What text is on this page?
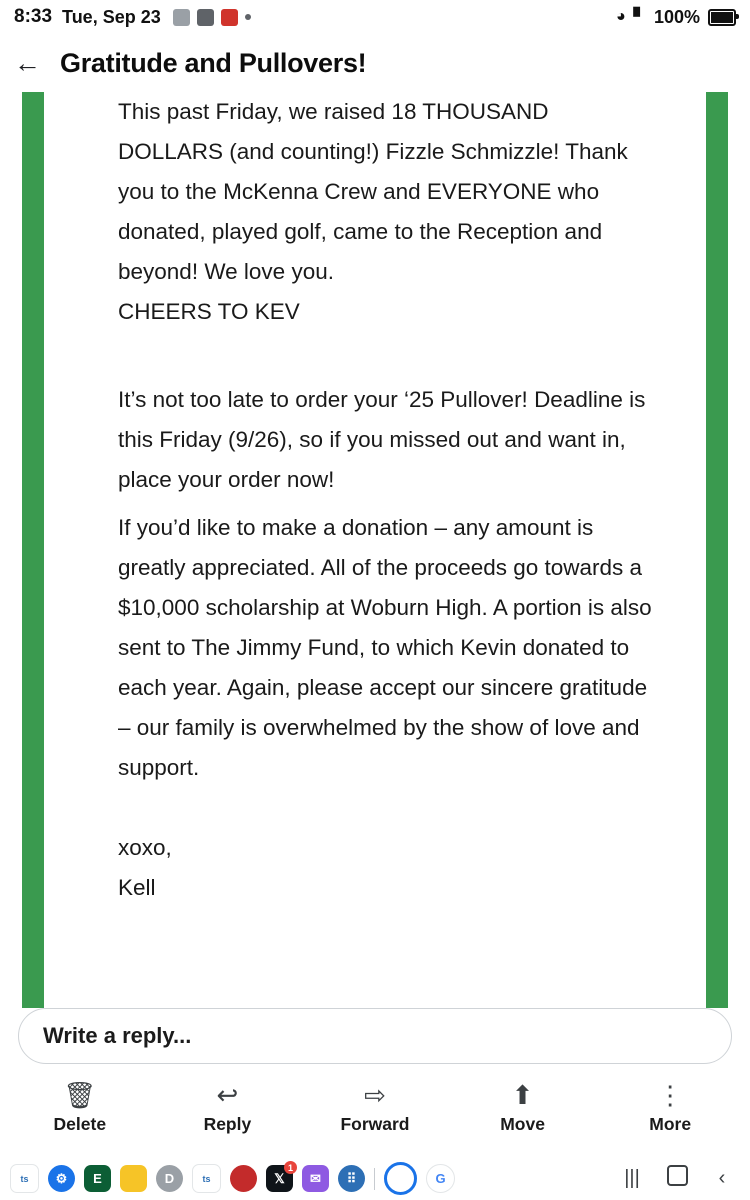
8:33 Tue, Sep 23	◕ ▘ 100%
← Gratitude and Pullovers!

This past Friday, we raised 18 THOUSAND DOLLARS (and counting!) Fizzle Schmizzle! Thank you to the McKenna Crew and EVERYONE who donated, played golf, came to the Reception and beyond! We love you.

CHEERS TO KEV

It’s not too late to order your ‘25 Pullover! Deadline is this Friday (9/26), so if you missed out and want in, place your order now!

If you’d like to make a donation – any amount is greatly appreciated. All of the proceeds go towards a $10,000 scholarship at Woburn High. A portion is also sent to The Jimmy Fund, to which Kevin donated to each year. Again, please accept our sincere gratitude – our family is overwhelmed by the show of love and support.

xoxo,

Kell

Write a reply...
🗑
Delete
↩
Reply
⇨
Forward
⬆
Move
⋮
More
ts	⚙	E	D	ts	𝕏
1
✉	⠿	G	|||	‹
